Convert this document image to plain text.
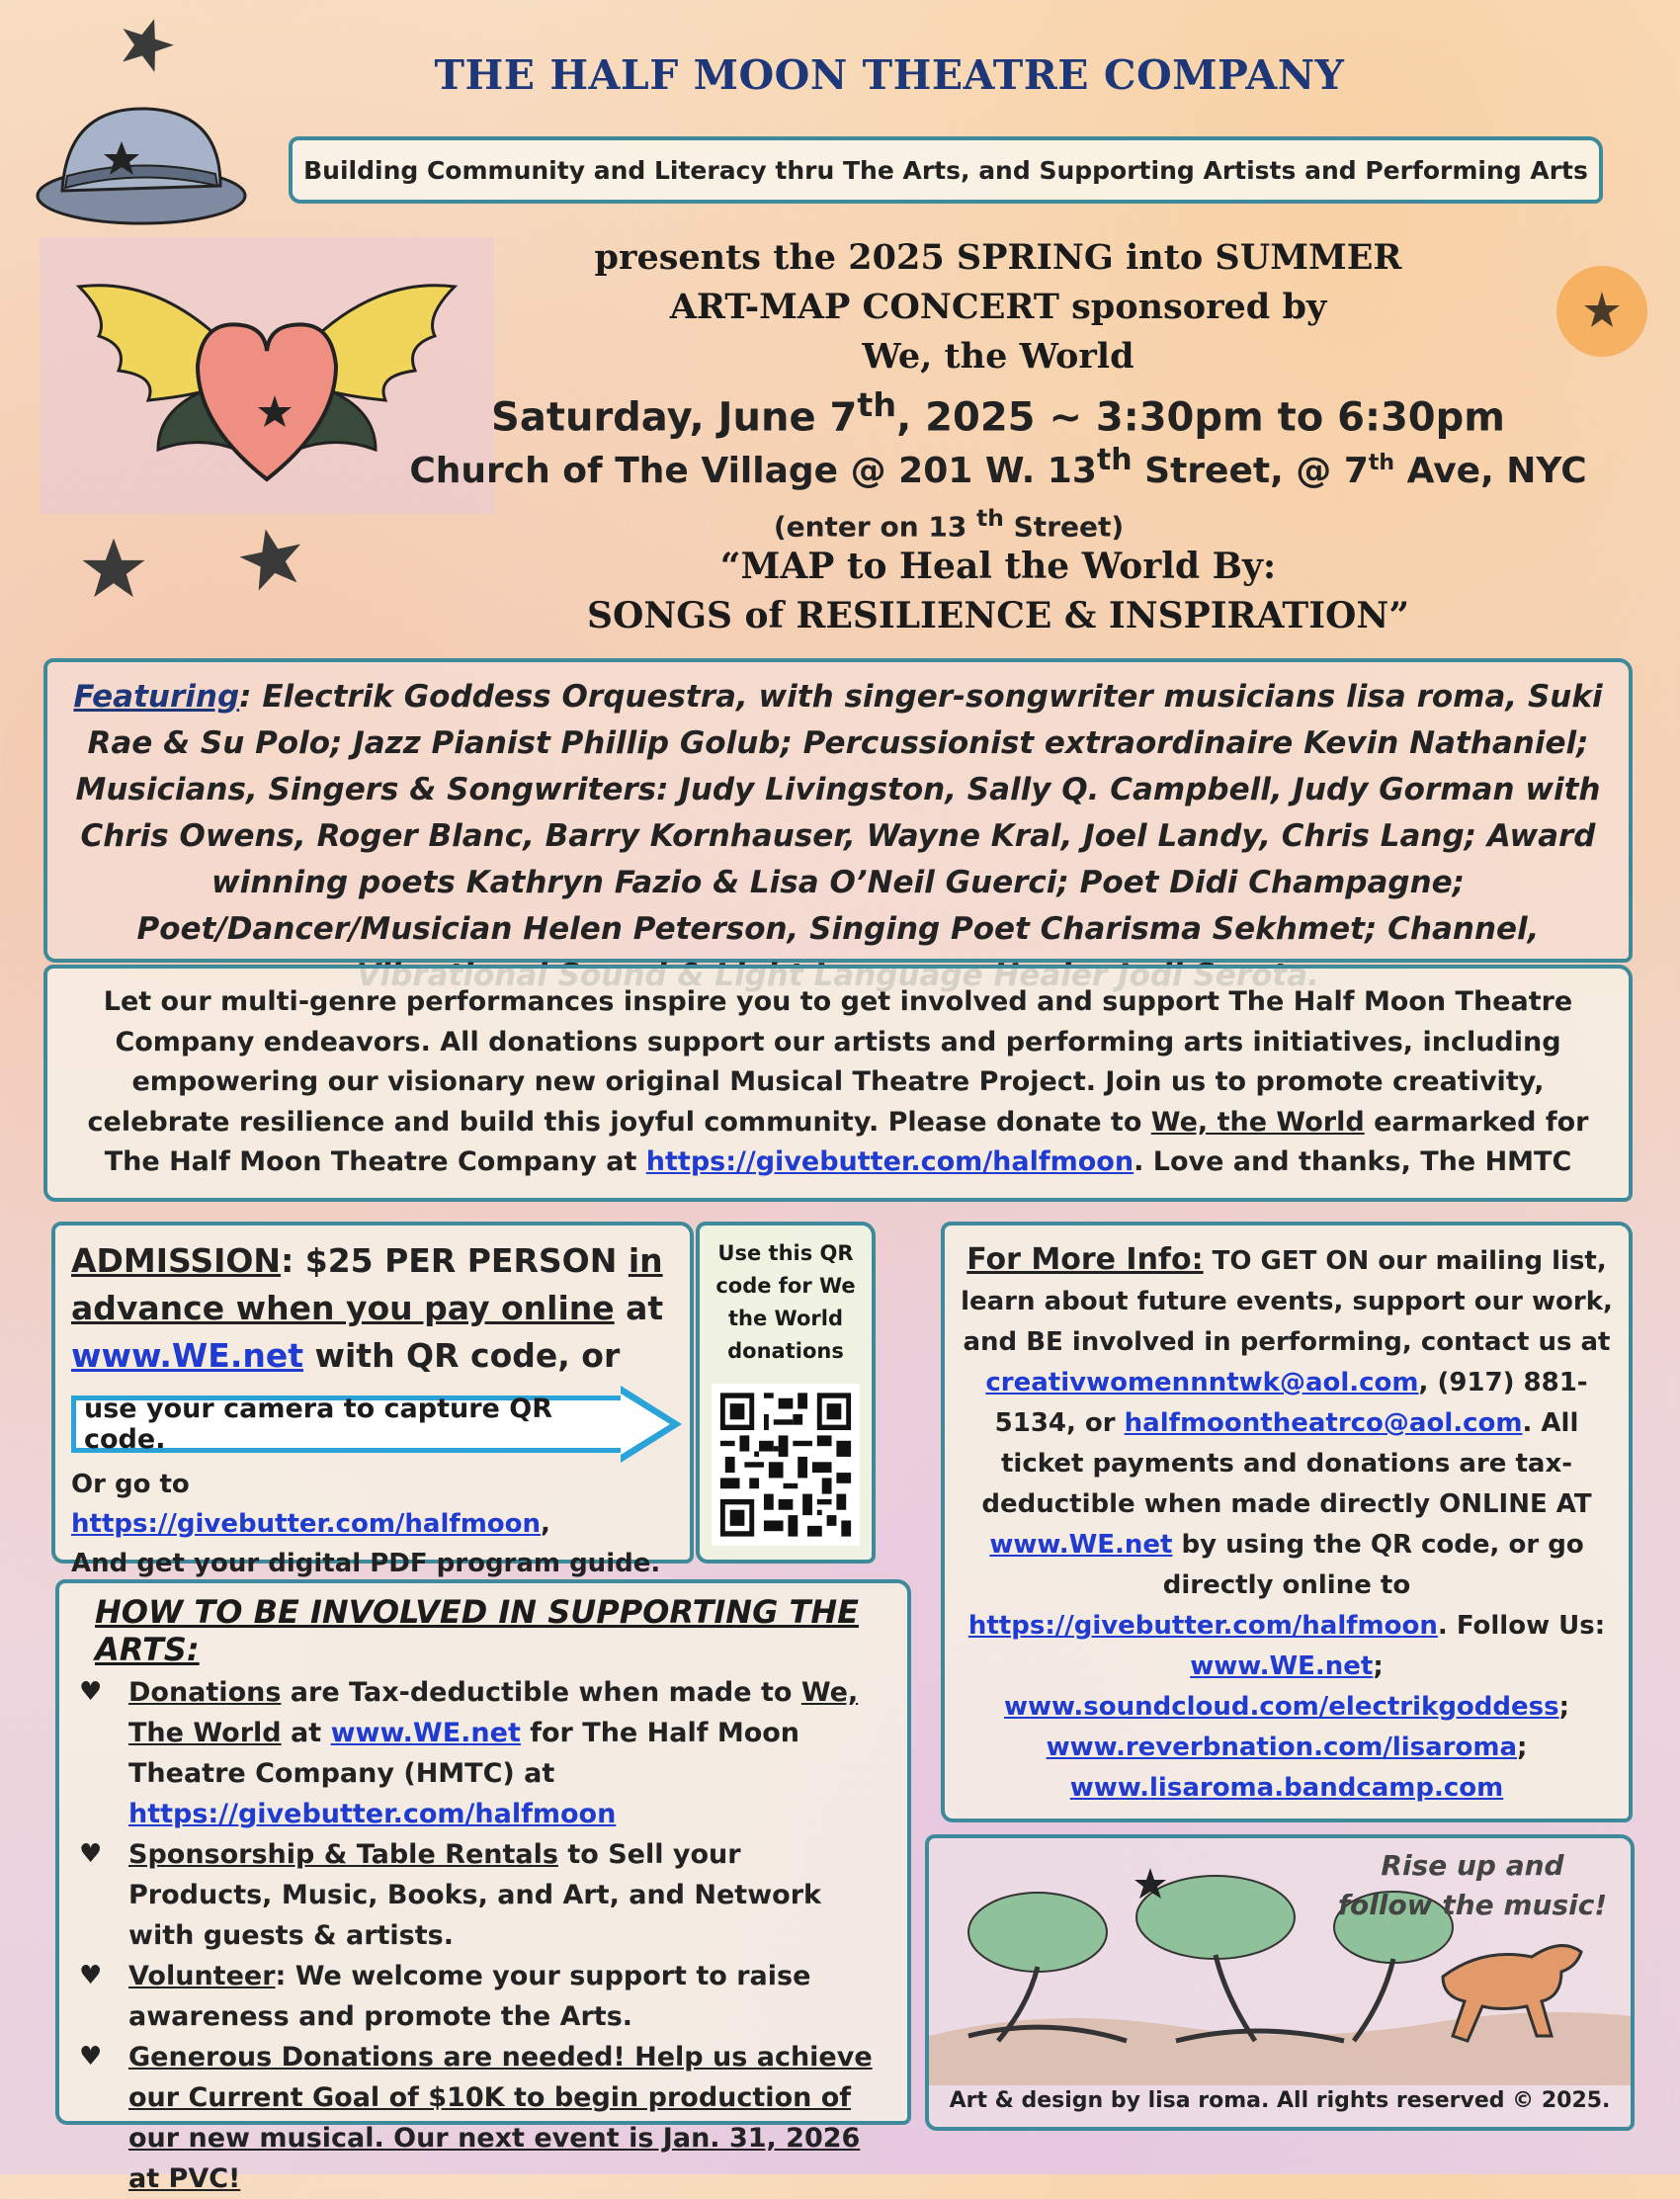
THE HALF MOON THEATRE COMPANY
Building Community and Literacy thru The Arts, and Supporting Artists and Performing Arts
presents the 2025 SPRING into SUMMER
ART-MAP CONCERT sponsored by
We, the World
Saturday, June 7th, 2025 ~ 3:30pm to 6:30pm
Church of The Village @ 201 W. 13th Street, @ 7th Ave, NYC
(enter on 13 $^{th}$ Street)
“MAP to Heal the World By:
SONGS of RESILIENCE & INSPIRATION”

Featuring: Electrik Goddess Orquestra, with singer-songwriter musicians lisa roma, Suki Rae & Su Polo; Jazz Pianist Phillip Golub; Percussionist extraordinaire Kevin Nathaniel; Musicians, Singers & Songwriters: Judy Livingston, Sally Q. Campbell, Judy Gorman with Chris Owens, Roger Blanc, Barry Kornhauser, Wayne Kral, Joel Landy, Chris Lang; Award winning poets Kathryn Fazio & Lisa O’Neil Guerci; Poet Didi Champagne; Poet/Dancer/Musician Helen Peterson, Singing Poet Charisma Sekhmet; Channel,

Let our multi-genre performances inspire you to get involved and support The Half Moon Theatre Company endeavors. All donations support our artists and performing arts initiatives, including empowering our visionary new original Musical Theatre Project. Join us to promote creativity, celebrate resilience and build this joyful community. Please donate to We, the World earmarked for The Half Moon Theatre Company at https://givebutter.com/halfmoon. Love and thanks, The HMTC

ADMISSION: $25 PER PERSON in advance when you pay online at www.WE.net with QR code, or

use your camera to capture QR code.

Or go to https://givebutter.com/halfmoon,
And get your digital PDF program guide.

Use this QR code for We the World donations

For More Info: TO GET ON our mailing list, learn about future events, support our work, and BE involved in performing, contact us at creativwomennntwk@aol.com, (917) 881-5134, or halfmoontheatrco@aol.com. All ticket payments and donations are tax-deductible when made directly ONLINE AT www.WE.net by using the QR code, or go directly online to https://givebutter.com/halfmoon. Follow Us: www.WE.net;
www.soundcloud.com/electrikgoddess;
www.reverbnation.com/lisaroma;
www.lisaroma.bandcamp.com

HOW TO BE INVOLVED IN SUPPORTING THE ARTS:
♥ Donations are Tax-deductible when made to We, The World at www.WE.net for The Half Moon Theatre Company (HMTC) at https://givebutter.com/halfmoon
♥ Sponsorship & Table Rentals to Sell your Products, Music, Books, and Art, and Network with guests & artists.
♥ Volunteer: We welcome your support to raise awareness and promote the Arts.
♥ Generous Donations are needed! Help us achieve our Current Goal of $10K to begin production of our new musical. Our next event is Jan. 31, 2026 at PVC!
Rise up and follow the music!
Art & design by lisa roma. All rights reserved © 2025.
